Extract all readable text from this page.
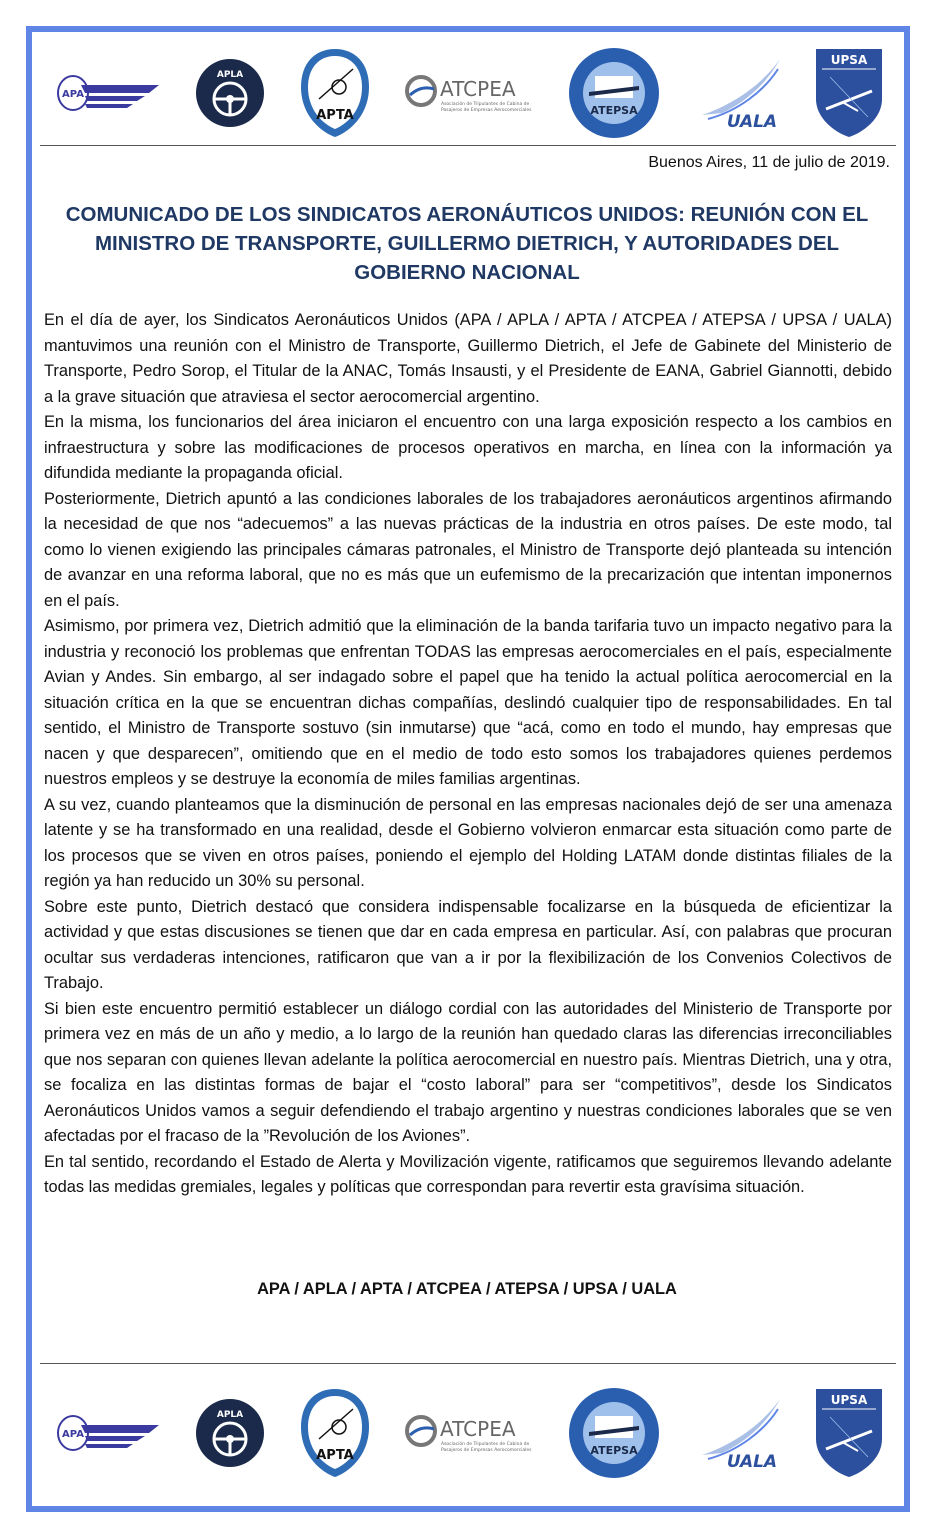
APA
APLA
APTA
ATCPEA
Asociación de Tripulantes de Cabina de
Pasajeros de Empresas Aerocomerciales	ATEPSA
UALA
UPSA
Buenos Aires, 11 de julio de 2019.
COMUNICADO DE LOS SINDICATOS AERONÁUTICOS UNIDOS: REUNIÓN CON EL MINISTRO DE TRANSPORTE, GUILLERMO DIETRICH, Y AUTORIDADES DEL GOBIERNO NACIONAL

En el día de ayer, los Sindicatos Aeronáuticos Unidos (APA / APLA / APTA / ATCPEA / ATEPSA / UPSA / UALA) mantuvimos una reunión con el Ministro de Transporte, Guillermo Dietrich, el Jefe de Gabinete del Ministerio de Transporte, Pedro Sorop, el Titular de la ANAC, Tomás Insausti, y el Presidente de EANA, Gabriel Giannotti, debido a la grave situación que atraviesa el sector aerocomercial argentino.

En la misma, los funcionarios del área iniciaron el encuentro con una larga exposición respecto a los cambios en infraestructura y sobre las modificaciones de procesos operativos en marcha, en línea con la información ya difundida mediante la propaganda oficial.

Posteriormente, Dietrich apuntó a las condiciones laborales de los trabajadores aeronáuticos argentinos afirmando la necesidad de que nos “adecuemos” a las nuevas prácticas de la industria en otros países. De este modo, tal como lo vienen exigiendo las principales cámaras patronales, el Ministro de Transporte dejó planteada su intención de avanzar en una reforma laboral, que no es más que un eufemismo de la precarización que intentan imponernos en el país.

Asimismo, por primera vez, Dietrich admitió que la eliminación de la banda tarifaria tuvo un impacto negativo para la industria y reconoció los problemas que enfrentan TODAS las empresas aerocomerciales en el país, especialmente Avian y Andes. Sin embargo, al ser indagado sobre el papel que ha tenido la actual política aerocomercial en la situación crítica en la que se encuentran dichas compañías, deslindó cualquier tipo de responsabilidades. En tal sentido, el Ministro de Transporte sostuvo (sin inmutarse) que “acá, como en todo el mundo, hay empresas que nacen y que desparecen”, omitiendo que en el medio de todo esto somos los trabajadores quienes perdemos nuestros empleos y se destruye la economía de miles familias argentinas.

A su vez, cuando planteamos que la disminución de personal en las empresas nacionales dejó de ser una amenaza latente y se ha transformado en una realidad, desde el Gobierno volvieron enmarcar esta situación como parte de los procesos que se viven en otros países, poniendo el ejemplo del Holding LATAM donde distintas filiales de la región ya han reducido un 30% su personal.

Sobre este punto, Dietrich destacó que considera indispensable focalizarse en la búsqueda de eficientizar la actividad y que estas discusiones se tienen que dar en cada empresa en particular. Así, con palabras que procuran ocultar sus verdaderas intenciones, ratificaron que van a ir por la flexibilización de los Convenios Colectivos de Trabajo.

Si bien este encuentro permitió establecer un diálogo cordial con las autoridades del Ministerio de Transporte por primera vez en más de un año y medio, a lo largo de la reunión han quedado claras las diferencias irreconciliables que nos separan con quienes llevan adelante la política aerocomercial en nuestro país. Mientras Dietrich, una y otra, se focaliza en las distintas formas de bajar el “costo laboral” para ser “competitivos”, desde los Sindicatos Aeronáuticos Unidos vamos a seguir defendiendo el trabajo argentino y nuestras condiciones laborales que se ven afectadas por el fracaso de la ”Revolución de los Aviones”.

En tal sentido, recordando el Estado de Alerta y Movilización vigente, ratificamos que seguiremos llevando adelante todas las medidas gremiales, legales y políticas que correspondan para revertir esta gravísima situación.

APA / APLA / APTA / ATCPEA / ATEPSA / UPSA / UALA
APA
APLA
APTA
ATCPEA
Asociación de Tripulantes de Cabina de
Pasajeros de Empresas Aerocomerciales	ATEPSA
UALA
UPSA
